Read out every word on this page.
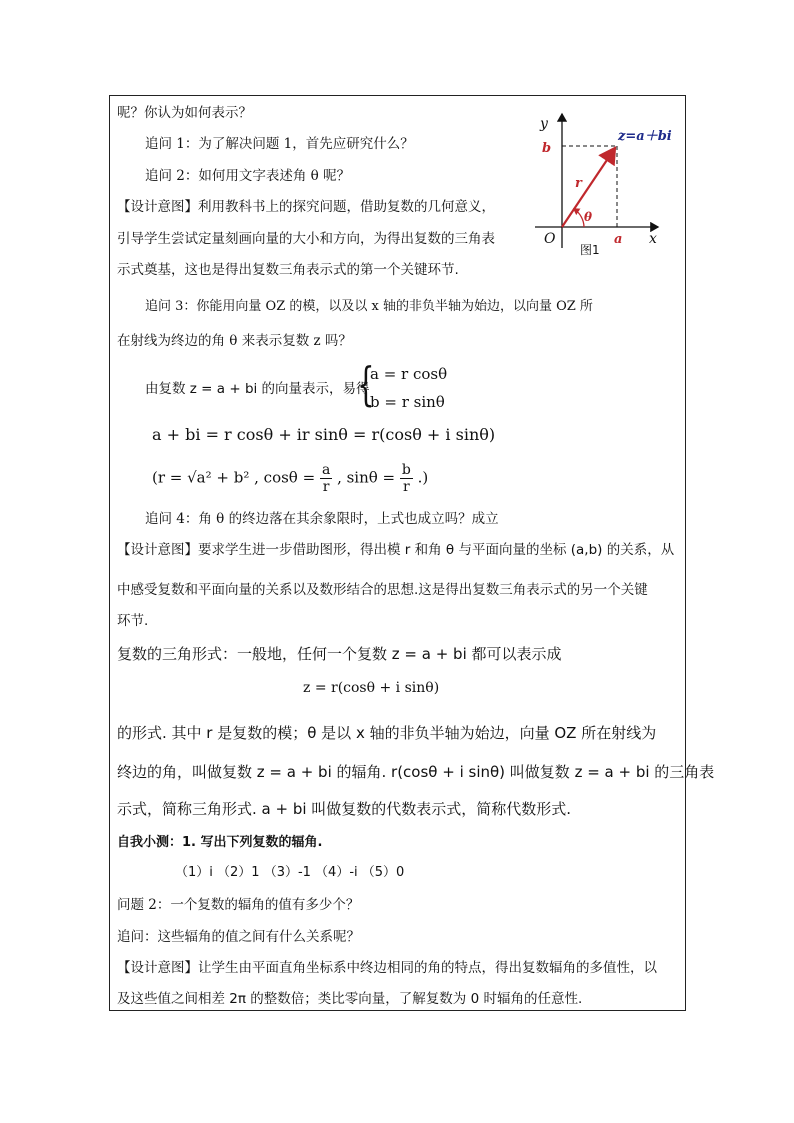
呢？你认为如何表示？
追问 1：为了解决问题 1，首先应研究什么？
追问 2：如何用文字表述角 θ 呢？
【设计意图】利用教科书上的探究问题，借助复数的几何意义，
引导学生尝试定量刻画向量的大小和方向，为得出复数的三角表
示式奠基，这也是得出复数三角表示式的第一个关键环节.
追问 3：你能用向量 OZ 的模，以及以 x 轴的非负半轴为始边，以向量 OZ 所
在射线为终边的角 θ 来表示复数 z 吗？
由复数 z = a + bi 的向量表示，易得
{
a = r cosθ
b = r sinθ
a + bi = r cosθ + ir sinθ = r(cosθ + i sinθ)
(r = √a² + b² , $\cos\theta = \frac{a}{r}$ , $\sin\theta = \frac{b}{r}$ .)
追问 4：角 θ 的终边落在其余象限时，上式也成立吗？成立
【设计意图】要求学生进一步借助图形，得出模 r 和角 θ 与平面向量的坐标 (a,b) 的关系，从
中感受复数和平面向量的关系以及数形结合的思想.这是得出复数三角表示式的另一个关键
环节.
复数的三角形式：一般地，任何一个复数 z = a + bi 都可以表示成
z = r(cosθ + i sinθ)
的形式. 其中 r 是复数的模；θ 是以 x 轴的非负半轴为始边，向量 OZ 所在射线为
终边的角，叫做复数 z = a + bi 的辐角. r(cosθ + i sinθ) 叫做复数 z = a + bi 的三角表
示式，简称三角形式. a + bi 叫做复数的代数表示式，简称代数形式.
自我小测：1. 写出下列复数的辐角.
（1）i （2）1 （3）-1 （4）-i （5）0
问题 2：一个复数的辐角的值有多少个？
追问：这些辐角的值之间有什么关系呢？
【设计意图】让学生由平面直角坐标系中终边相同的角的特点，得出复数辐角的多值性，以
及这些值之间相差 2π 的整数倍；类比零向量，了解复数为 0 时辐角的任意性.
y
x
O
b
a
r
θ
z=a＋bi
图1
